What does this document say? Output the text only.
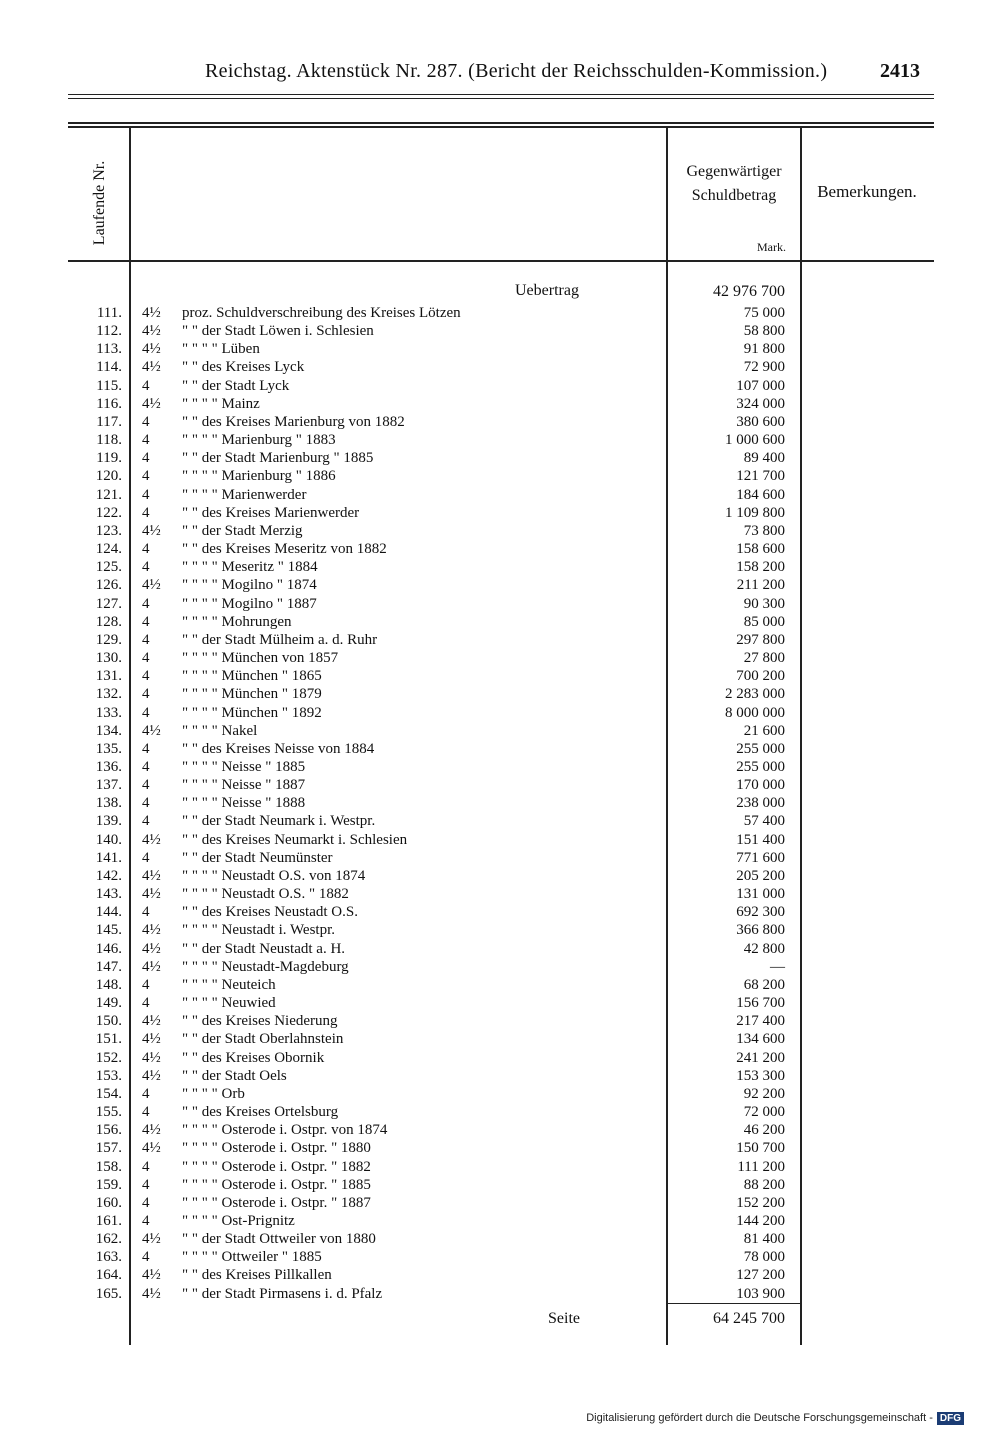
Reichstag. Aktenstück Nr. 287. (Bericht der Reichsschulden-Kommission.)	2413
Laufende Nr.	Gegenwärtiger
Schuldbetrag
Mark.
Bemerkungen.
Uebertrag	42 976 700
111. 4½	proz. Schuldverschreibung des Kreises Lötzen	75 000
112. 4½	" " der Stadt Löwen i. Schlesien	58 800
113. 4½	" " " " Lüben	91 800
114. 4½	" " des Kreises Lyck	72 900
115. 4	" " der Stadt Lyck	107 000
116. 4½	" " " " Mainz	324 000
117. 4	" " des Kreises Marienburg von 1882	380 600
118. 4	" " " " Marienburg " 1883	1 000 600
119. 4	" " der Stadt Marienburg " 1885	89 400
120. 4	" " " " Marienburg " 1886	121 700
121. 4	" " " " Marienwerder	184 600
122. 4	" " des Kreises Marienwerder	1 109 800
123. 4½	" " der Stadt Merzig	73 800
124. 4	" " des Kreises Meseritz von 1882	158 600
125. 4	" " " " Meseritz " 1884	158 200
126. 4½	" " " " Mogilno " 1874	211 200
127. 4	" " " " Mogilno " 1887	90 300
128. 4	" " " " Mohrungen	85 000
129. 4	" " der Stadt Mülheim a. d. Ruhr	297 800
130. 4	" " " " München von 1857	27 800
131. 4	" " " " München " 1865	700 200
132. 4	" " " " München " 1879	2 283 000
133. 4	" " " " München " 1892	8 000 000
134. 4½	" " " " Nakel	21 600
135. 4	" " des Kreises Neisse von 1884	255 000
136. 4	" " " " Neisse " 1885	255 000
137. 4	" " " " Neisse " 1887	170 000
138. 4	" " " " Neisse " 1888	238 000
139. 4	" " der Stadt Neumark i. Westpr.	57 400
140. 4½	" " des Kreises Neumarkt i. Schlesien	151 400
141. 4	" " der Stadt Neumünster	771 600
142. 4½	" " " " Neustadt O.S. von 1874	205 200
143. 4½	" " " " Neustadt O.S. " 1882	131 000
144. 4	" " des Kreises Neustadt O.S.	692 300
145. 4½	" " " " Neustadt i. Westpr.	366 800
146. 4½	" " der Stadt Neustadt a. H.	42 800
147. 4½	" " " " Neustadt-Magdeburg	—
148. 4	" " " " Neuteich	68 200
149. 4	" " " " Neuwied	156 700
150. 4½	" " des Kreises Niederung	217 400
151. 4½	" " der Stadt Oberlahnstein	134 600
152. 4½	" " des Kreises Obornik	241 200
153. 4½	" " der Stadt Oels	153 300
154. 4	" " " " Orb	92 200
155. 4	" " des Kreises Ortelsburg	72 000
156. 4½	" " " " Osterode i. Ostpr. von 1874	46 200
157. 4½	" " " " Osterode i. Ostpr. " 1880	150 700
158. 4	" " " " Osterode i. Ostpr. " 1882	111 200
159. 4	" " " " Osterode i. Ostpr. " 1885	88 200
160. 4	" " " " Osterode i. Ostpr. " 1887	152 200
161. 4	" " " " Ost-Prignitz	144 200
162. 4½	" " der Stadt Ottweiler von 1880	81 400
163. 4	" " " " Ottweiler " 1885	78 000
164. 4½	" " des Kreises Pillkallen	127 200
165. 4½	" " der Stadt Pirmasens i. d. Pfalz	103 900
Seite	64 245 700
Digitalisierung gefördert durch die Deutsche Forschungsgemeinschaft - DFG
